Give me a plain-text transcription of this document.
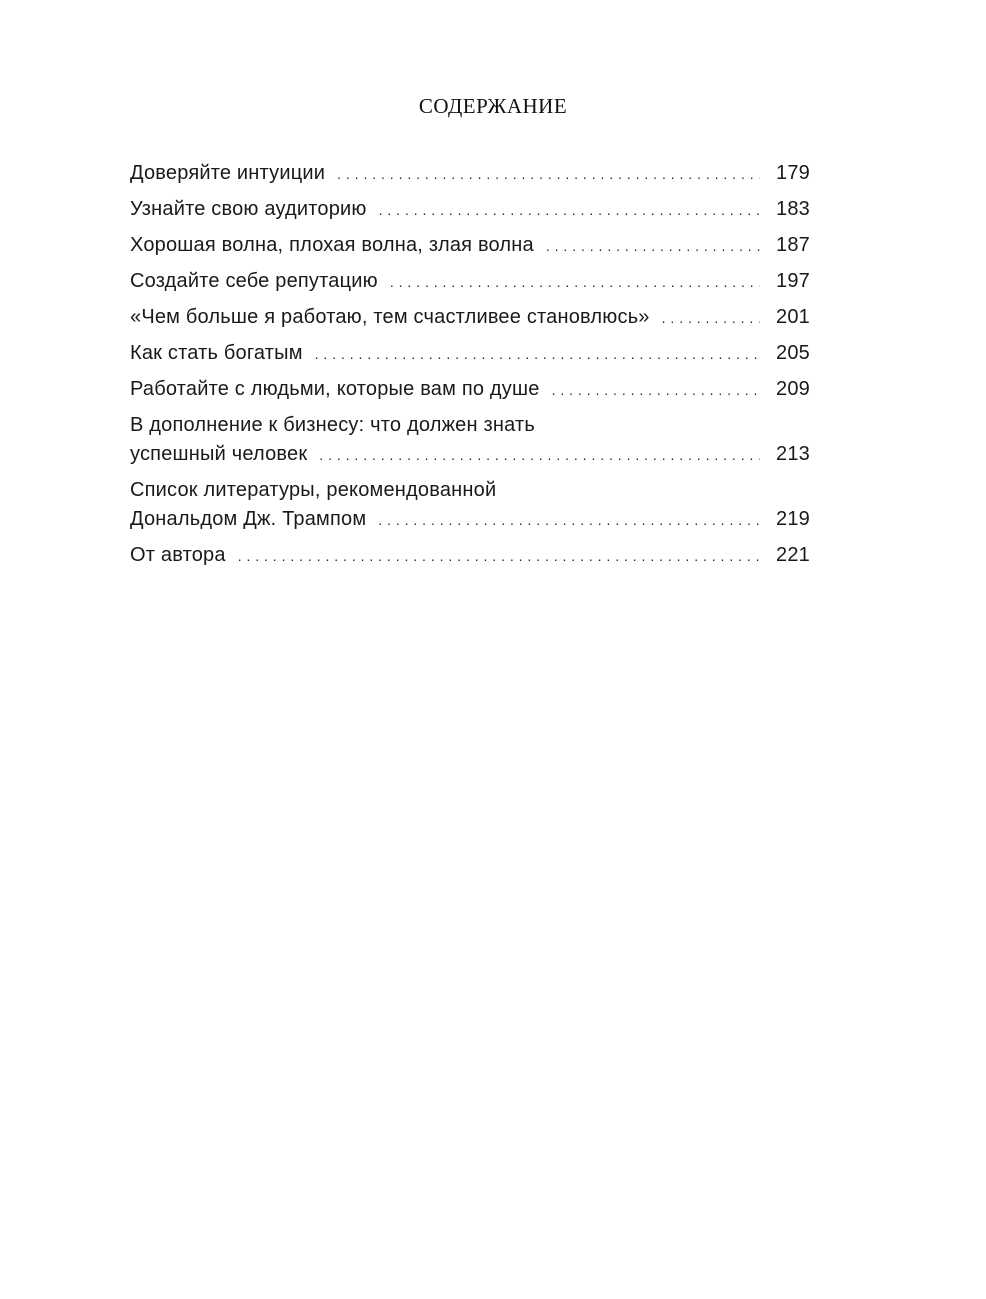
СОДЕРЖАНИЕ
Доверяйте интуиции . . .	179
Узнайте свою аудиторию . . .	183
Хорошая волна, плохая волна, злая волна . . .	187
Создайте себе репутацию . . .	197
«Чем больше я работаю, тем счастливее становлюсь» . . .	201
Как стать богатым . . .	205
Работайте с людьми, которые вам по душе . . .	209
В дополнение к бизнесу: что должен знать
успешный человек . . .	213
Список литературы, рекомендованной
Дональдом Дж. Трампом . . .	219
От автора . . .	221
